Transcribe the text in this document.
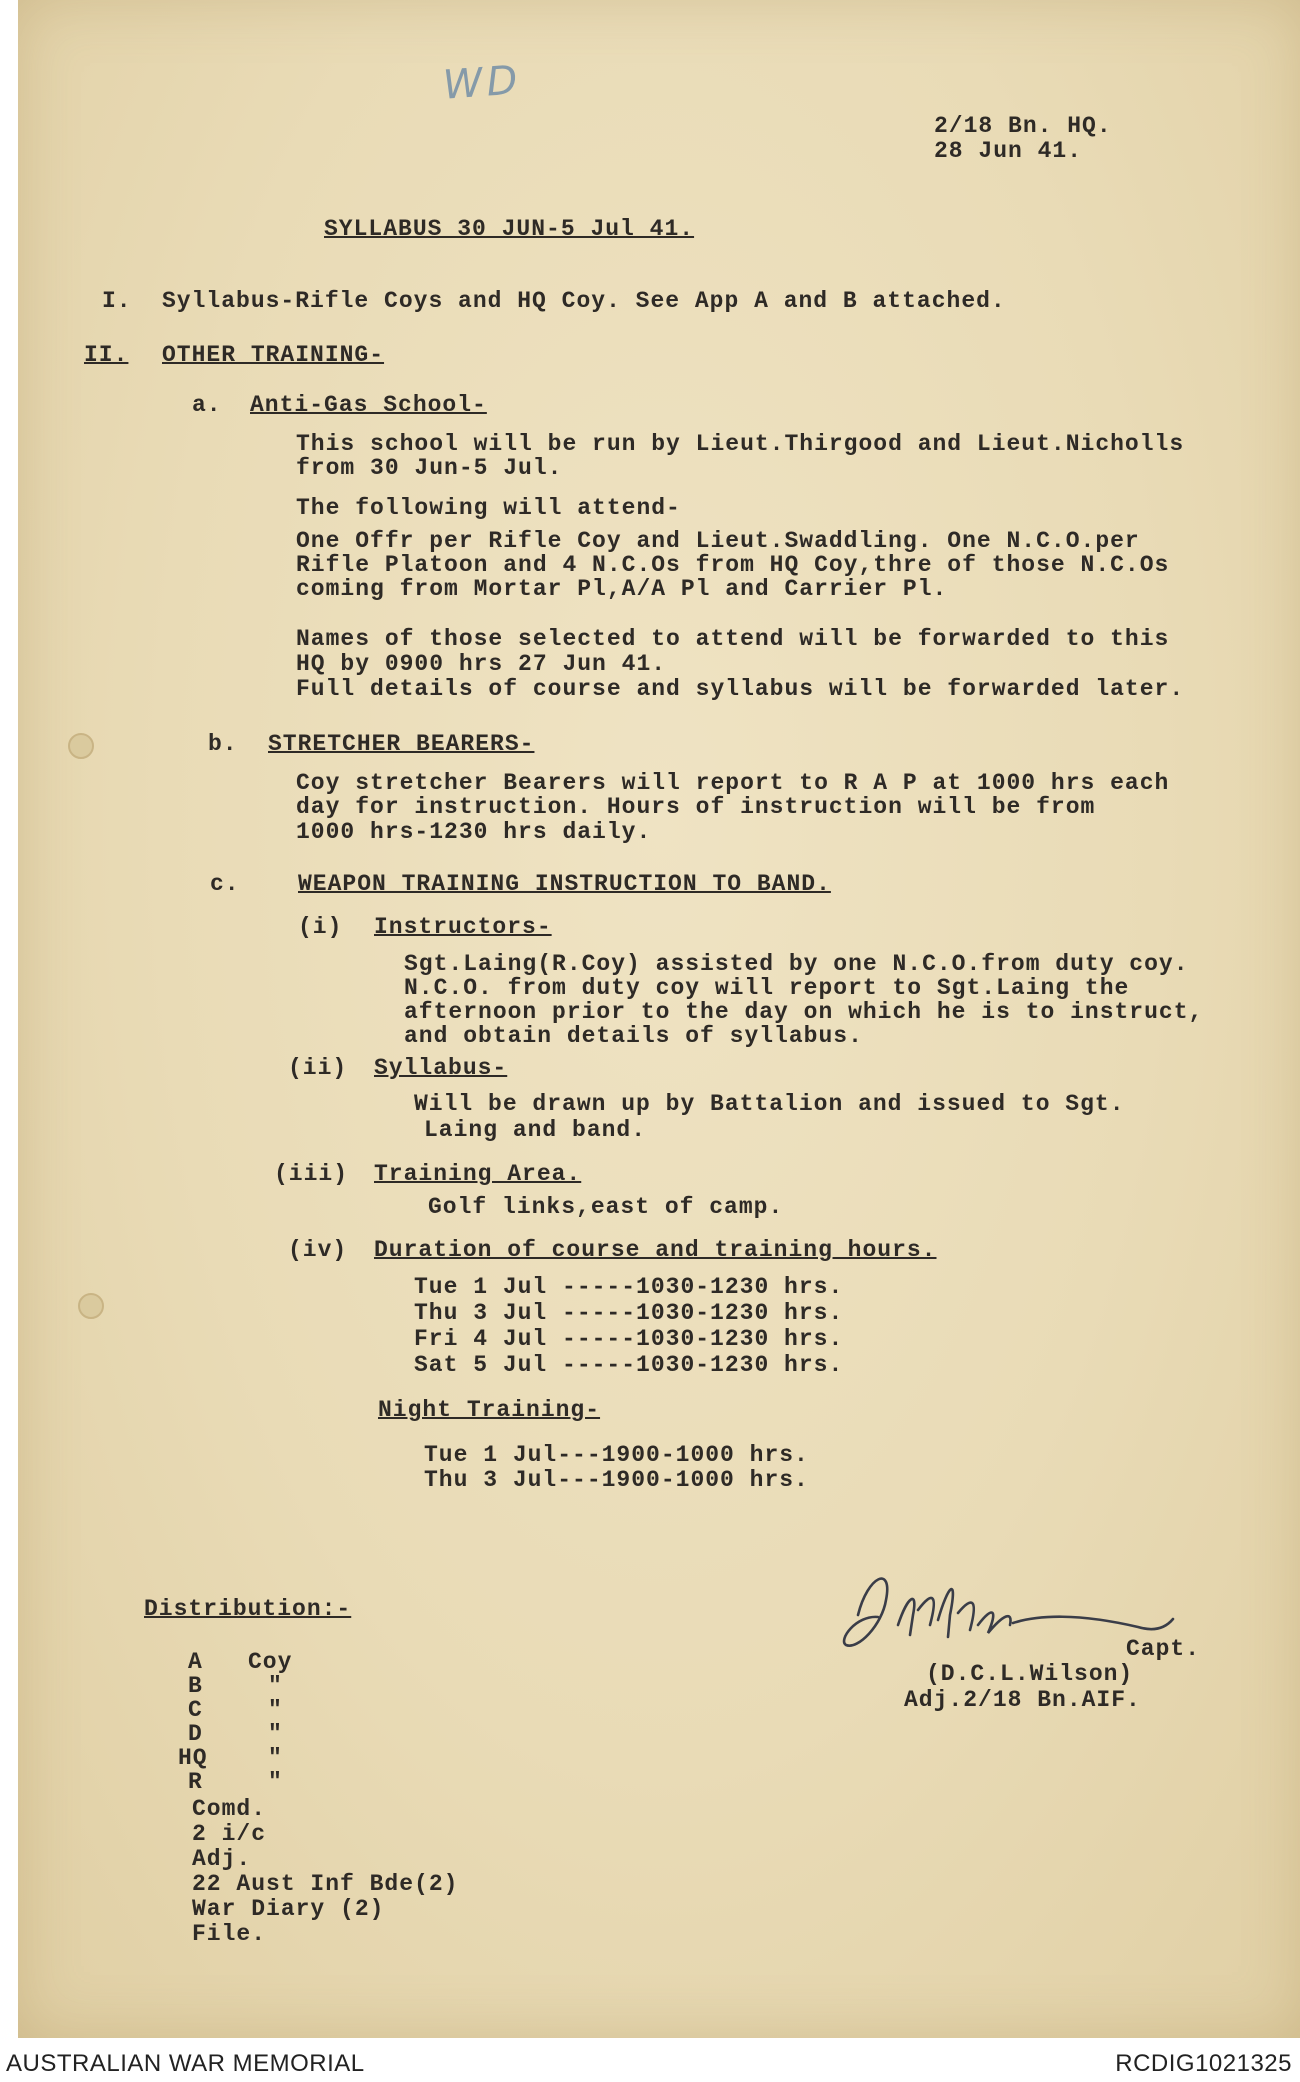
WD
2/18 Bn. HQ.
28 Jun 41.
SYLLABUS 30 JUN-5 Jul 41.
I. Syllabus-Rifle Coys and HQ Coy. See App A and B attached.
II. OTHER TRAINING-
a. Anti-Gas School-
This school will be run by Lieut.Thirgood and Lieut.Nicholls
from 30 Jun-5 Jul.
The following will attend-
One Offr per Rifle Coy and Lieut.Swaddling. One N.C.O.per
Rifle Platoon and 4 N.C.Os from HQ Coy,thre of those N.C.Os
coming from Mortar Pl,A/A Pl and Carrier Pl.
Names of those selected to attend will be forwarded to this
HQ by 0900 hrs 27 Jun 41.
Full details of course and syllabus will be forwarded later.
b. STRETCHER BEARERS-
Coy stretcher Bearers will report to R A P at 1000 hrs each
day for instruction. Hours of instruction will be from
1000 hrs-1230 hrs daily.
c.	WEAPON TRAINING INSTRUCTION TO BAND.
(i) Instructors-
Sgt.Laing(R.Coy) assisted by one N.C.O.from duty coy.
N.C.O. from duty coy will report to Sgt.Laing the
afternoon prior to the day on which he is to instruct,
and obtain details of syllabus.
(ii) Syllabus-
Will be drawn up by Battalion and issued to Sgt.
Laing and band.
(iii) Training Area.
Golf links,east of camp.
(iv) Duration of course and training hours.
Tue 1 Jul -----1030-1230 hrs.
Thu 3 Jul -----1030-1230 hrs.
Fri 4 Jul -----1030-1230 hrs.
Sat 5 Jul -----1030-1230 hrs.
Night Training-
Tue 1 Jul---1900-1000 hrs.
Thu 3 Jul---1900-1000 hrs.
Capt.
(D.C.L.Wilson)
Adj.2/18 Bn.AIF.
Distribution:-
A Coy
B	"
C	"
D	"
HQ	"
R	"
Comd.
2 i/c
Adj.
22 Aust Inf Bde(2)
War Diary (2)
File.
AUSTRALIAN WAR MEMORIAL	RCDIG1021325
